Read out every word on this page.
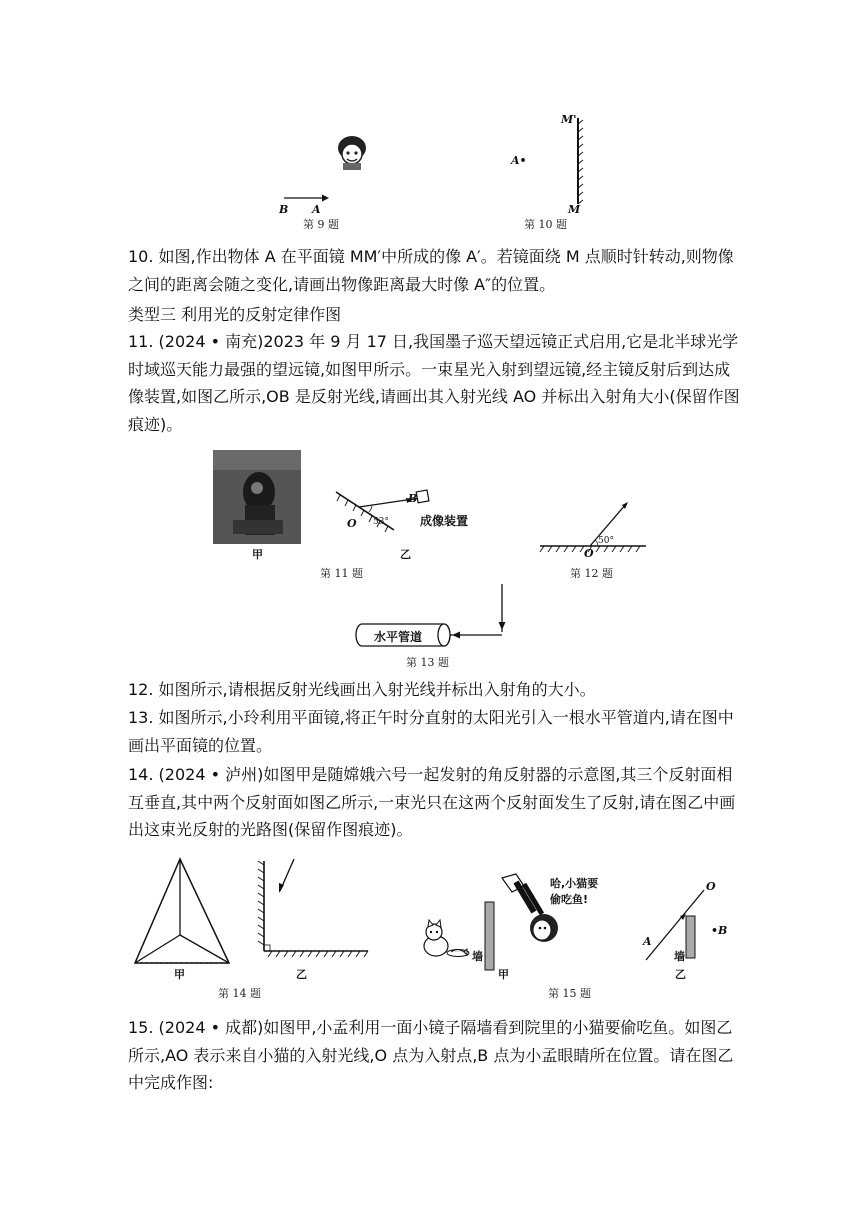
B A
第 9 题
M'
A•
M
第 10 题
10. 如图,作出物体 A 在平面镜 MM′中所成的像 A′。若镜面绕 M 点顺时针转动,则物像之间的距离会随之变化,请画出物像距离最大时像 A″的位置。
类型三 利用光的反射定律作图
11. (2024 • 南充)2023 年 9 月 17 日,我国墨子巡天望远镜正式启用,它是北半球光学时域巡天能力最强的望远镜,如图甲所示。一束星光入射到望远镜,经主镜反射后到达成像装置,如图乙所示,OB 是反射光线,请画出其入射光线 AO 并标出入射角大小(保留作图痕迹)。
甲
O
B
53°	成像装置
乙
第 11 题
O
50°
第 12 题
水平管道
第 13 题
12. 如图所示,请根据反射光线画出入射光线并标出入射角的大小。
13. 如图所示,小玲利用平面镜,将正午时分直射的太阳光引入一根水平管道内,请在图中画出平面镜的位置。
14. (2024 • 泸州)如图甲是随嫦娥六号一起发射的角反射器的示意图,其三个反射面相互垂直,其中两个反射面如图乙所示,一束光只在这两个反射面发生了反射,请在图乙中画出这束光反射的光路图(保留作图痕迹)。
甲	乙
第 14 题
墙
哈,小猫要
偷吃鱼!
甲
O
A
•B
墙
乙
第 15 题
15. (2024 • 成都)如图甲,小孟利用一面小镜子隔墙看到院里的小猫要偷吃鱼。如图乙所示,AO 表示来自小猫的入射光线,O 点为入射点,B 点为小孟眼睛所在位置。请在图乙中完成作图:
